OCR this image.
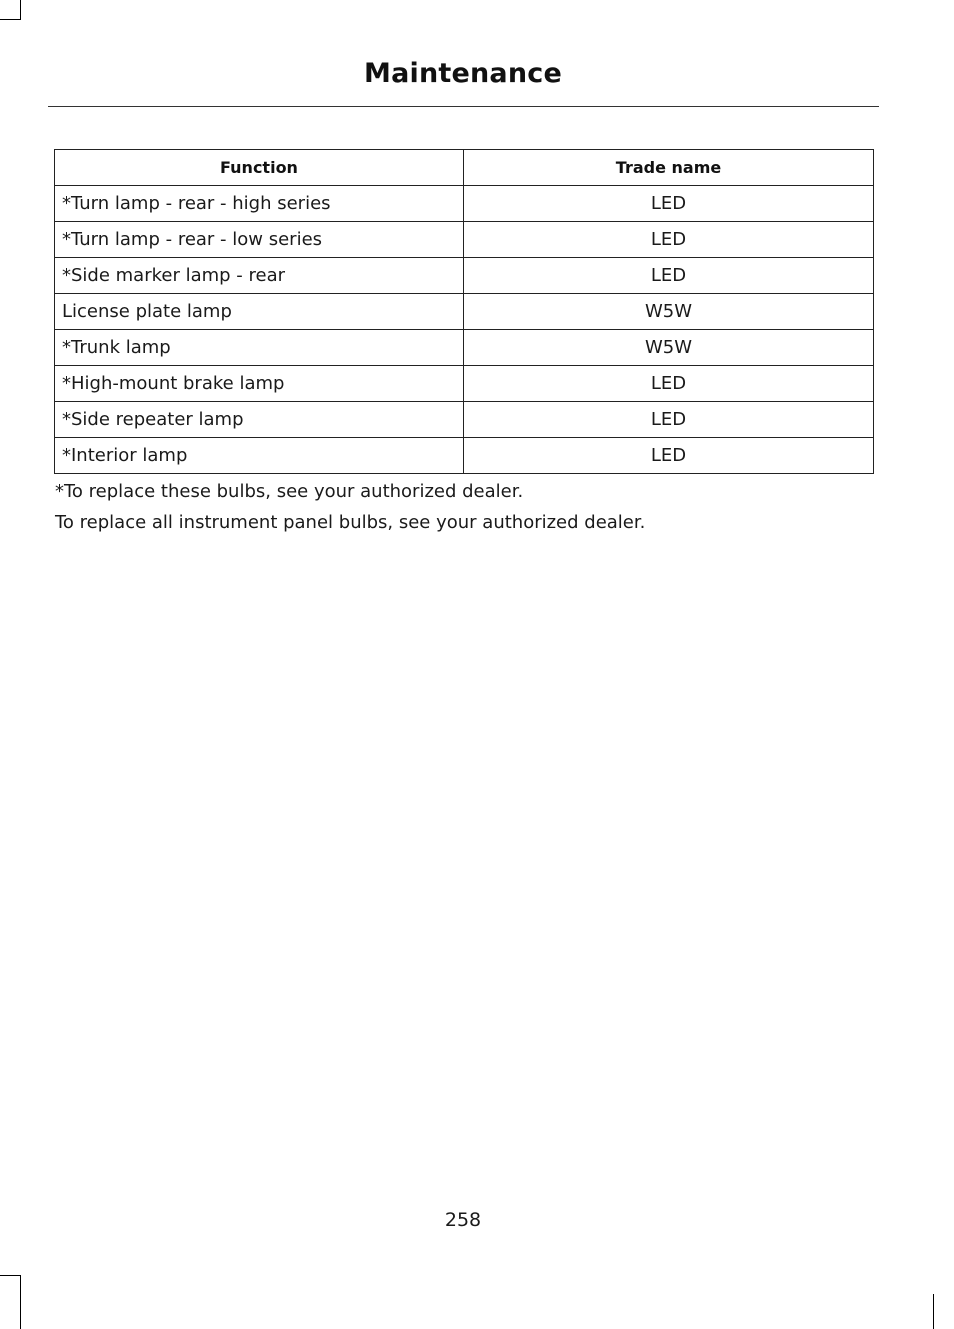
Maintenance
Function	Trade name
*Turn lamp - rear - high series	LED
*Turn lamp - rear - low series	LED
*Side marker lamp - rear	LED
License plate lamp	W5W
*Trunk lamp	W5W
*High-mount brake lamp	LED
*Side repeater lamp	LED
*Interior lamp	LED
*To replace these bulbs, see your authorized dealer.
To replace all instrument panel bulbs, see your authorized dealer.
258
